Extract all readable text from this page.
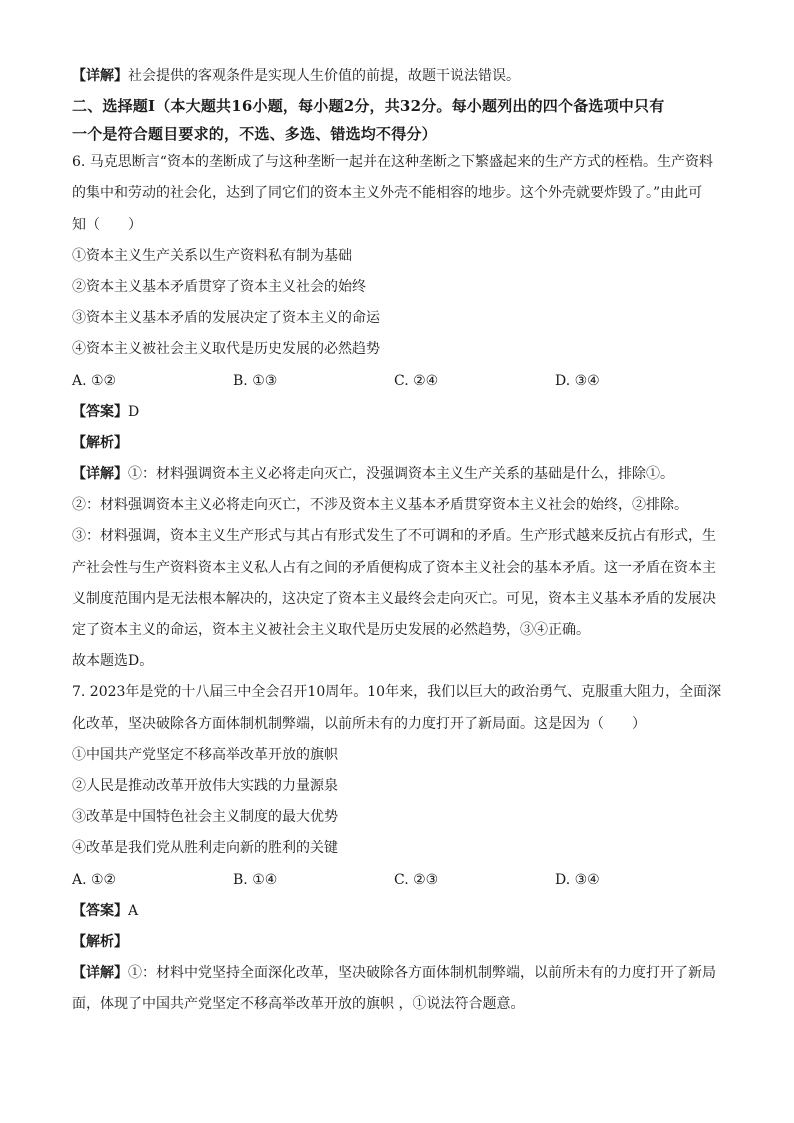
【详解】社会提供的客观条件是实现人生价值的前提，故题干说法错误。
二、选择题Ⅰ（本大题共16小题，每小题2分，共32分。每小题列出的四个备选项中只有
一个是符合题目要求的，不选、多选、错选均不得分）
6. 马克思断言“资本的垄断成了与这种垄断一起并在这种垄断之下繁盛起来的生产方式的桎梏。生产资料
的集中和劳动的社会化，达到了同它们的资本主义外壳不能相容的地步。这个外壳就要炸毁了。”由此可
知（　　）
①资本主义生产关系以生产资料私有制为基础
②资本主义基本矛盾贯穿了资本主义社会的始终
③资本主义基本矛盾的发展决定了资本主义的命运
④资本主义被社会主义取代是历史发展的必然趋势
A. ①②	B. ①③	C. ②④	D. ③④
【答案】D
【解析】
【详解】①：材料强调资本主义必将走向灭亡，没强调资本主义生产关系的基础是什么，排除①。
②：材料强调资本主义必将走向灭亡，不涉及资本主义基本矛盾贯穿资本主义社会的始终，②排除。
③：材料强调，资本主义生产形式与其占有形式发生了不可调和的矛盾。生产形式越来反抗占有形式，生
产社会性与生产资料资本主义私人占有之间的矛盾便构成了资本主义社会的基本矛盾。这一矛盾在资本主
义制度范围内是无法根本解决的，这决定了资本主义最终会走向灭亡。可见，资本主义基本矛盾的发展决
定了资本主义的命运，资本主义被社会主义取代是历史发展的必然趋势，③④正确。
故本题选D。
7. 2023年是党的十八届三中全会召开10周年。10年来，我们以巨大的政治勇气、克服重大阻力，全面深
化改革，坚决破除各方面体制机制弊端，以前所未有的力度打开了新局面。这是因为（　　）
①中国共产党坚定不移高举改革开放的旗帜
②人民是推动改革开放伟大实践的力量源泉
③改革是中国特色社会主义制度的最大优势
④改革是我们党从胜利走向新的胜利的关键
A. ①②	B. ①④	C. ②③	D. ③④
【答案】A
【解析】
【详解】①：材料中党坚持全面深化改革，坚决破除各方面体制机制弊端，以前所未有的力度打开了新局
面，体现了中国共产党坚定不移高举改革开放的旗帜 ，①说法符合题意。
